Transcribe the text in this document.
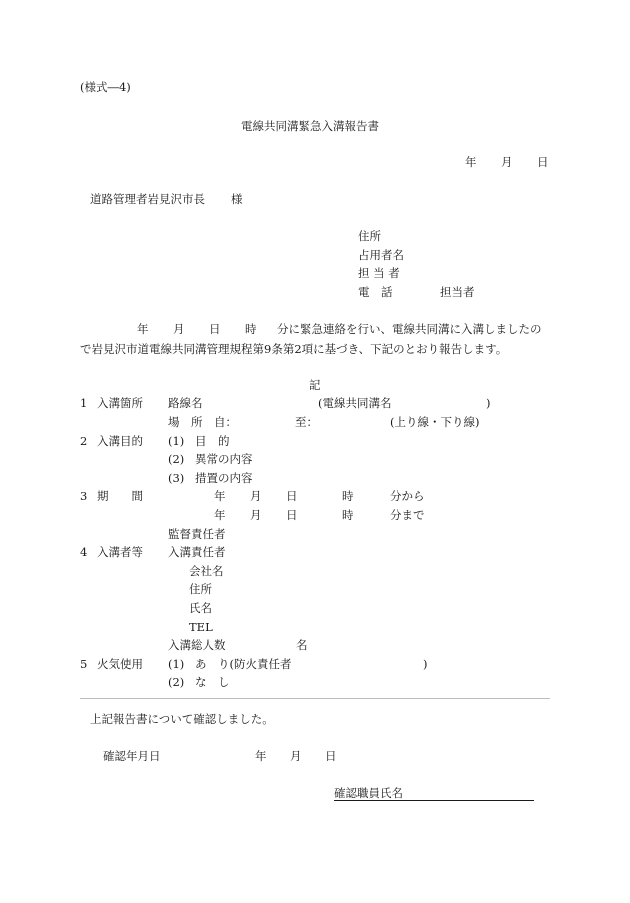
(様式―4)
電線共同溝緊急入溝報告書
年 月 日
道路管理者岩見沢市長 様
住所
占用者名
担 当 者
電　話	担当者
年 月 日 時 分に緊急連絡を行い、電線共同溝に入溝しましたの
で岩見沢市道電線共同溝管理規程第9条第2項に基づき、下記のとおり報告します。
記
1 入溝箇所 路線名	(電線共同溝名	)
場　所　自：	至：	(上り線・下り線)
2 入溝目的 (1) 目　的
(2) 異常の内容
(3) 措置の内容
3 期　　間	年 月 日	時	分から
年 月 日	時	分まで
監督責任者
4 入溝者等 入溝責任者
会社名
住所
氏名
TEL
入溝総人数	名
5 火気使用 (1) あ　り(防火責任者	)
(2) な　し
上記報告書について確認しました。
確認年月日	年 月 日
確認職員氏名
